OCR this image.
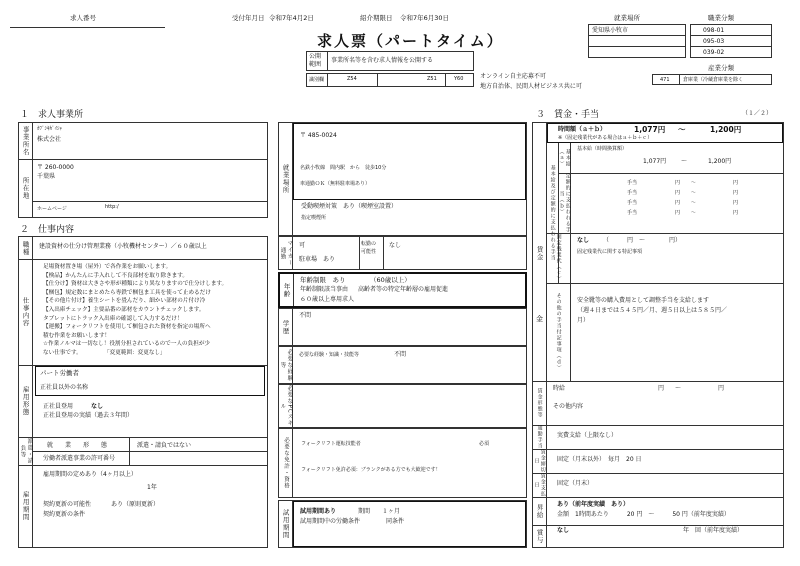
求人番号	受付年月日 令和7年4月2日	紹介期限日 令和7年6月30日
求人票（パートタイム）
公開範囲	事業所名等を含む求人情報を公開する
識別欄	Z54	Z51	Y60	オンライン自主応募不可
地方自治体、民間人材ビジネス共に可
就業場所
愛知県小牧市
職業分類
098-01
095-03
039-02
産業分類
471	倉庫業（冷蔵倉庫業を除く
１　求人事業所
事業所名	ｶﾌﾞｼｷｶﾞｲｼｬ
株式会社
所在地
〒 260-0000
千葉県
ホームページ	http:/
２　仕事内容
職種	建設資材の仕分け管理業務（小牧機材センター）／６０歳以上
仕事内容
足場資材置き場（屋外）で各作業をお願いします。
【検品】かんたんに手入れして不良部材を取り除きます。
【仕分け】資材は大きさや形が種類により異なりますので仕分けします。
【梱包】規定数にまとめたら専鉄で梱包ま工具を使って止めるだけ
【その他片付け】養生シートを畳んだり、細かい部材の片付け冷
【入出庫チェック】主要品番の部材をカウントチェックします。
タブレットにトラック入出庫の確認して入力するだけ！
【運搬】フォークリフトを使用して梱包された資材を指定の場所へ
積む作業をお願いします！
☆作業ノルマは一切なし！役割分担されているので一人の負担が少
ない仕事です。　　　　　「変更範囲：変更なし」
雇用形態
パート労働者
正社員以外の名称
正社員登用	なし
正社員登用の実績（過去３年間）
派遣・請負等	就　　業　　形　　態	派遣・請負ではない
労働者派遣事業の許可番号
雇用期間
雇用期間の定めあり（4ヶ月以上）
1年
契約更新の可能性	あり（原則更新）
契約更新の条件
就業場所
〒 485-0024
名鉄小牧線　間内駅　から　徒歩10分
車通勤ＯＫ（無料駐車場あり）
受動喫煙対策　あり（喫煙室設置）
指定喫煙所
マイカー通勤
可
駐車場　あり
転勤の可能性
なし
年齢
年齢制限　あり	（60歳以上）
年齢制限該当事由 高齢者等の特定年齢層の雇用促進
６０歳以上専用求人
学歴
不問
必要な経験等
必要な経験・知識・技能等	不問
必要なPCスキル
必要な免許・資格	フォークリフト運転技能者	必須
フォークリフト免許必須：ブランクがある方でも大歓迎です！
試用期間	試用期間あり	期間 １ヶ月
試用期間中の労働条件	同条件
３　賃金・手当	（１／２）
賃金
時間額（ａ＋ｂ）	1,077円 〜	1,200円
※（固定残業代がある場合はａ＋ｂ＋ｃ）
基本給及び定額的に支払われる手当
基本給（ａ）	基本給（時間換算額）
1,077円 〜	1,200円
定額的に支払われる手当（ｂ）
手当	円 〜	円
手当	円 〜	円
手当	円 〜	円
手当	円 〜	円
固定残業代（ｃ）	なし （　　　円　〜　　　　円）
固定残業代に関する特記事項
その他の手当付記事項（ｄ）	安全靴等の購入費用として調整手当を支給します
（週４日までは５４５円／月、週５日以上は５８５円／
月）
賃金形態等	時給	円 〜	円
その他内容
通勤手当	実費支給（上限なし）
賃金締切日	固定（月末以外）　毎月　20 日
賃金支払日	固定（月末）
昇給	あり（前年度実績　あり）
金額　1時間あたり　　　20 円　〜　　　50 円（前年度実績）
賞与	なし	年　回（前年度実績）
金
